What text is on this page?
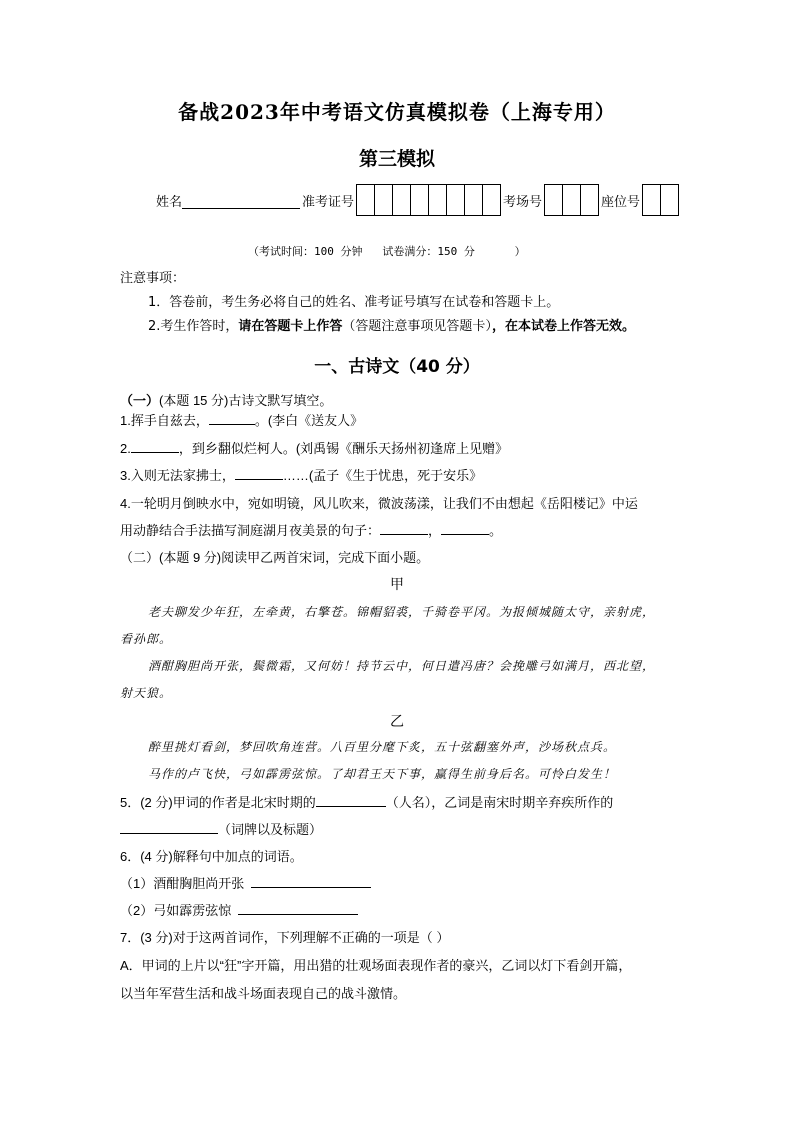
备战2023年中考语文仿真模拟卷（上海专用）
第三模拟
姓名	准考证号	考场号	座位号
（考试时间：100 分钟   试卷满分：150 分      ）
注意事项：
1．答卷前，考生务必将自己的姓名、准考证号填写在试卷和答题卡上。
2.考生作答时，请在答题卡上作答（答题注意事项见答题卡），在本试卷上作答无效。
一、古诗文（40 分）
（一）(本题 15 分)古诗文默写填空。
1.挥手自兹去，	。(李白《送友人》
2.	，到乡翻似烂柯人。(刘禹锡《酬乐天扬州初逢席上见赠》
3.入则无法家拂士，	……(孟子《生于忧患，死于安乐》
4.一轮明月倒映水中，宛如明镜，风儿吹来，微波荡漾，让我们不由想起《岳阳楼记》中运
用动静结合手法描写洞庭湖月夜美景的句子：	，	。
（二）(本题 9 分)阅读甲乙两首宋词，完成下面小题。
甲
老夫聊发少年狂，左牵黄，右擎苍。锦帽貂裘，千骑卷平冈。为报倾城随太守，亲射虎，
看孙郎。
酒酣胸胆尚开张，鬓微霜，又何妨！持节云中，何日遣冯唐？会挽雕弓如满月，西北望，
射天狼。
乙
醉里挑灯看剑，梦回吹角连营。八百里分麾下炙，五十弦翻塞外声，沙场秋点兵。
马作的卢飞快，弓如霹雳弦惊。了却君王天下事，赢得生前身后名。可怜白发生！
5．(2 分)甲词的作者是北宋时期的	（人名），乙词是南宋时期辛弃疾所作的
（词牌以及标题）
6．(4 分)解释句中加点的词语。
（1）酒酣胸胆尚开张
（2）弓如霹雳弦惊
7．(3 分)对于这两首词作，下列理解不正确的一项是（ ）
A．甲词的上片以“狂”字开篇，用出猎的壮观场面表现作者的豪兴，乙词以灯下看剑开篇，
以当年军营生活和战斗场面表现自己的战斗激情。
